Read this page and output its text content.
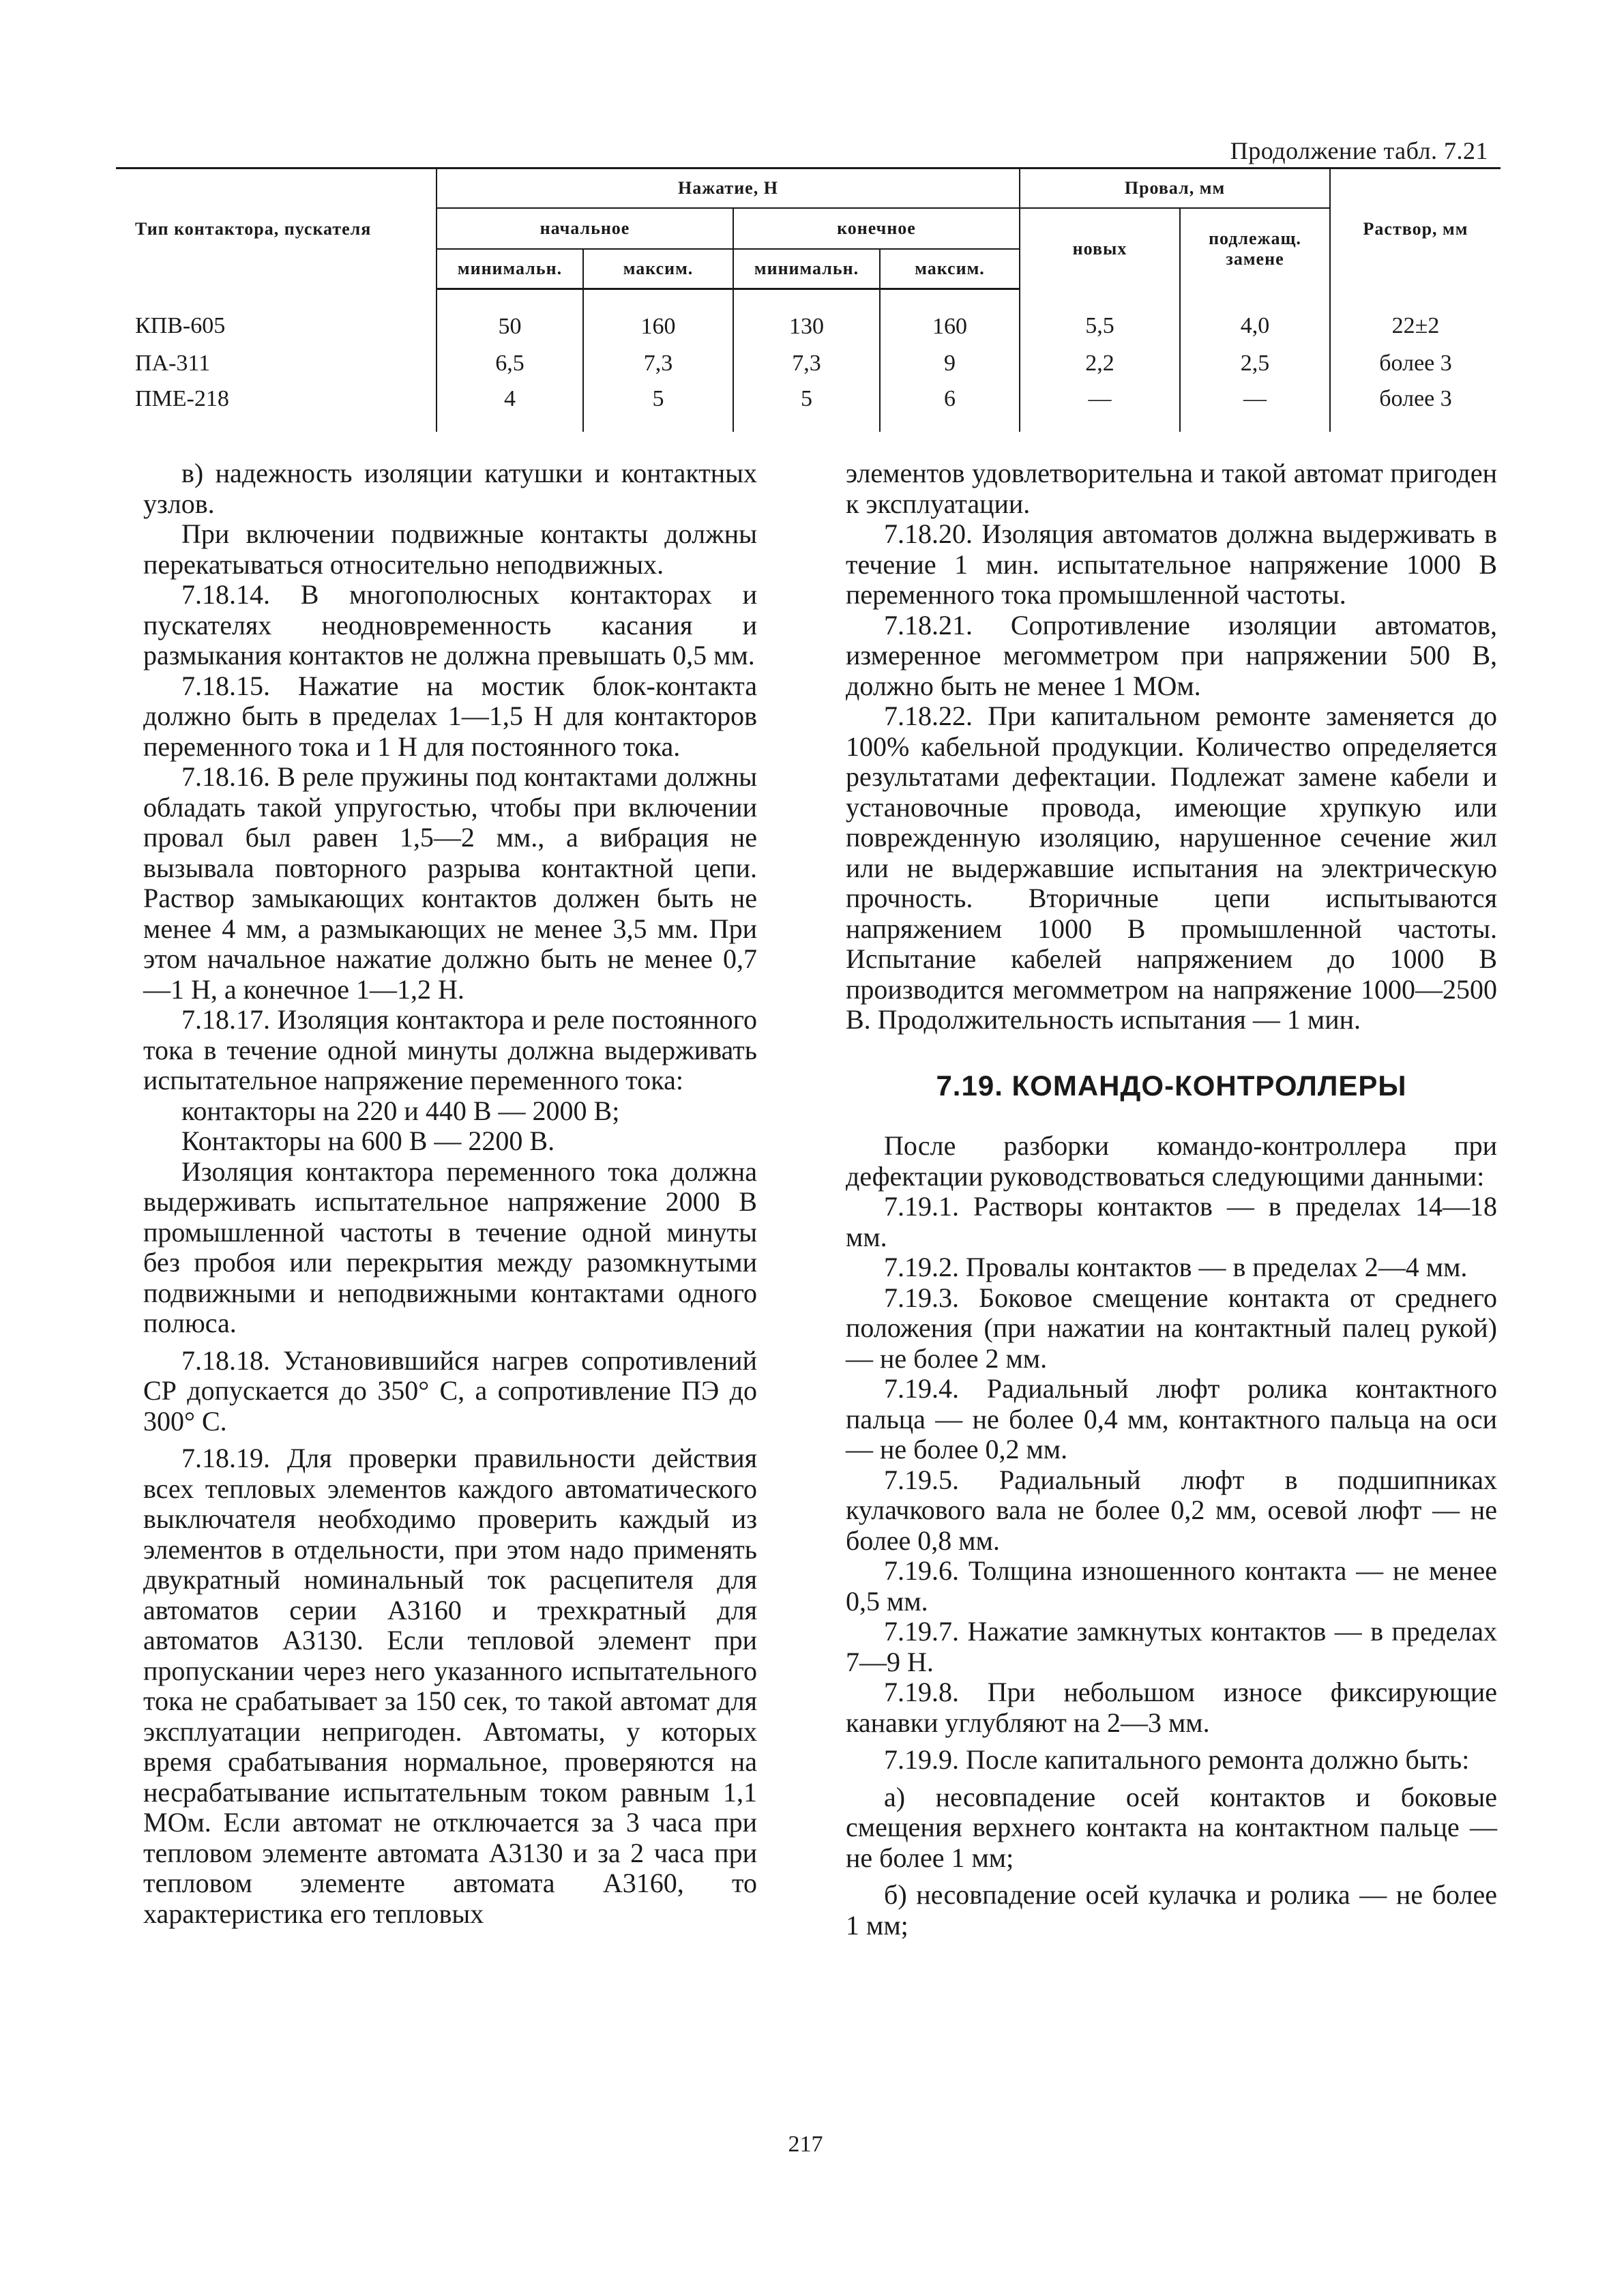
Продолжение табл. 7.21
Тип контактора, пускателя	Нажатие, Н				Провал, мм		Раствор, мм
	начальное		конечное		новых	подлежащ. замене	
	минимальн.	максим.	минимальн.	максим.			
КПВ-605	50	160	130	160	5,5	4,0	22±2
ПА-311	6,5	7,3	7,3	9	2,2	2,5	более 3
ПМЕ-218	4	5	5	6	—	—	более 3

в) надежность изоляции катушки и контактных узлов.

При включении подвижные контакты должны перекатываться относительно неподвижных.

7.18.14. В многополюсных контакторах и пускателях неодновременность касания и размыкания контактов не должна превышать 0,5 мм.

7.18.15. Нажатие на мостик блок-контакта должно быть в пределах 1—1,5 Н для контакторов переменного тока и 1 Н для постоянного тока.

7.18.16. В реле пружины под контактами должны обладать такой упругостью, чтобы при включении провал был равен 1,5—2 мм., а вибрация не вызывала повторного разрыва контактной цепи. Раствор замыкающих контактов должен быть не менее 4 мм, а размыкающих не менее 3,5 мм. При этом начальное нажатие должно быть не менее 0,7—1 Н, а конечное 1—1,2 Н.

7.18.17. Изоляция контактора и реле постоянного тока в течение одной минуты должна выдерживать испытательное напряжение переменного тока:

контакторы на 220 и 440 В — 2000 В;

Контакторы на 600 В — 2200 В.

Изоляция контактора переменного тока должна выдерживать испытательное напряжение 2000 В промышленной частоты в течение одной минуты без пробоя или перекрытия между разомкнутыми подвижными и неподвижными контактами одного полюса.

7.18.18. Установившийся нагрев сопротивлений СР допускается до 350° С, а сопротивление ПЭ до 300° С.

7.18.19. Для проверки правильности действия всех тепловых элементов каждого автоматического выключателя необходимо проверить каждый из элементов в отдельности, при этом надо применять двукратный номинальный ток расцепителя для автоматов серии А3160 и трехкратный для автоматов А3130. Если тепловой элемент при пропускании через него указанного испытательного тока не срабатывает за 150 сек, то такой автомат для эксплуатации непригоден. Автоматы, у которых время срабатывания нормальное, проверяются на несрабатывание испытательным током равным 1,1 МОм. Если автомат не отключается за 3 часа при тепловом элементе автомата А3130 и за 2 часа при тепловом элементе автомата А3160, то характеристика его тепловых

элементов удовлетворительна и такой автомат пригоден к эксплуатации.

7.18.20. Изоляция автоматов должна выдерживать в течение 1 мин. испытательное напряжение 1000 В переменного тока промышленной частоты.

7.18.21. Сопротивление изоляции автоматов, измеренное мегомметром при напряжении 500 В, должно быть не менее 1 МОм.

7.18.22. При капитальном ремонте заменяется до 100% кабельной продукции. Количество определяется результатами дефектации. Подлежат замене кабели и установочные провода, имеющие хрупкую или поврежденную изоляцию, нарушенное сечение жил или не выдержавшие испытания на электрическую прочность. Вторичные цепи испытываются напряжением 1000 В промышленной частоты. Испытание кабелей напряжением до 1000 В производится мегомметром на напряжение 1000—2500 В. Продолжительность испытания — 1 мин.

7.19. КОМАНДО-КОНТРОЛЛЕРЫ

После разборки командо-контроллера при дефектации руководствоваться следующими данными:

7.19.1. Растворы контактов — в пределах 14—18 мм.

7.19.2. Провалы контактов — в пределах 2—4 мм.

7.19.3. Боковое смещение контакта от среднего положения (при нажатии на контактный палец рукой) — не более 2 мм.

7.19.4. Радиальный люфт ролика контактного пальца — не более 0,4 мм, контактного пальца на оси — не более 0,2 мм.

7.19.5. Радиальный люфт в подшипниках кулачкового вала не более 0,2 мм, осевой люфт — не более 0,8 мм.

7.19.6. Толщина изношенного контакта — не менее 0,5 мм.

7.19.7. Нажатие замкнутых контактов — в пределах 7—9 Н.

7.19.8. При небольшом износе фиксирующие канавки углубляют на 2—3 мм.

7.19.9. После капитального ремонта должно быть:

а) несовпадение осей контактов и боковые смещения верхнего контакта на контактном пальце — не более 1 мм;

б) несовпадение осей кулачка и ролика — не более 1 мм;

217
